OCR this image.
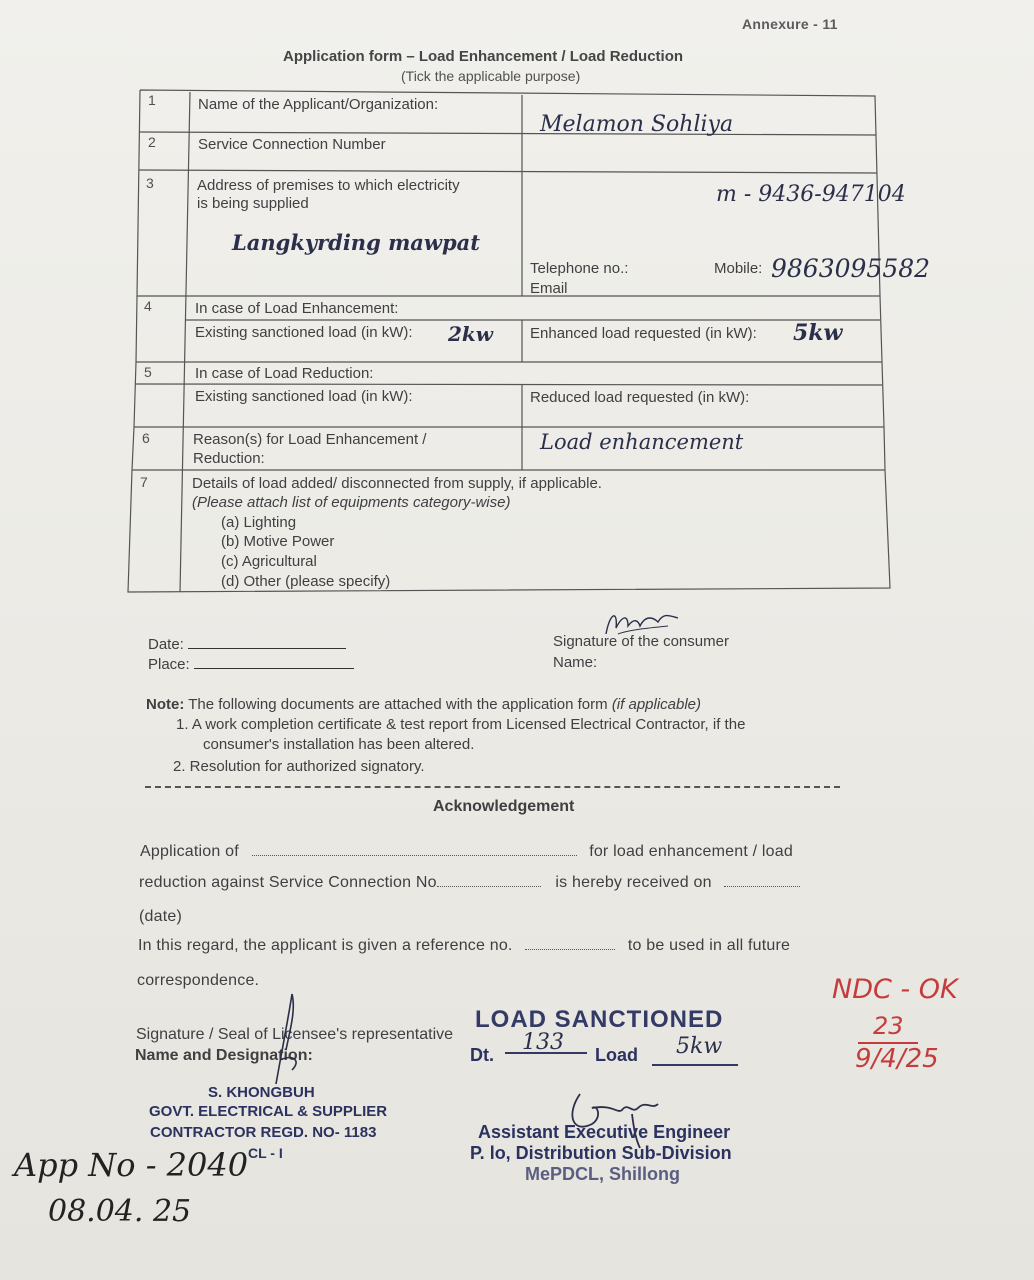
Annexure - 11
Application form – Load Enhancement / Load Reduction
(Tick the applicable purpose)
1	Name of the Applicant/Organization:
Melamon Sohliya
2	Service Connection Number
3	Address of premises to which electricity
is being supplied
Langkyrding mawpat
m - 9436-947104
Telephone no.:	Mobile: 9863095582
Email
4	In case of Load Enhancement:
Existing sanctioned load (in kW): 2kw Enhanced load requested (in kW): 5kw
5	In case of Load Reduction:
Existing sanctioned load (in kW):	Reduced load requested (in kW):
6	Reason(s) for Load Enhancement /
Reduction:
Load enhancement
7	Details of load added/ disconnected from supply, if applicable.
(Please attach list of equipments category-wise)
(a) Lighting
(b) Motive Power
(c) Agricultural
(d) Other (please specify)
Date:
Place:
Signature of the consumer
Name:
Note: The following documents are attached with the application form (if applicable)
1. A work completion certificate & test report from Licensed Electrical Contractor, if the
consumer's installation has been altered.
2. Resolution for authorized signatory.
Acknowledgement
Application of	for load enhancement / load
reduction against Service Connection No	is hereby received on
(date)
In this regard, the applicant is given a reference no.	to be used in all future
correspondence.
Signature / Seal of Licensee's representative
Name and Designation:
S. KHONGBUH
GOVT. ELECTRICAL & SUPPLIER
CONTRACTOR REGD. NO- 1183
CL - I
LOAD SANCTIONED
Dt. 133 Load 5kw
Assistant Executive Engineer
P. lo, Distribution Sub-Division
MePDCL, Shillong
NDC - OK
23
9/4/25
App No - 2040
08.04. 25
